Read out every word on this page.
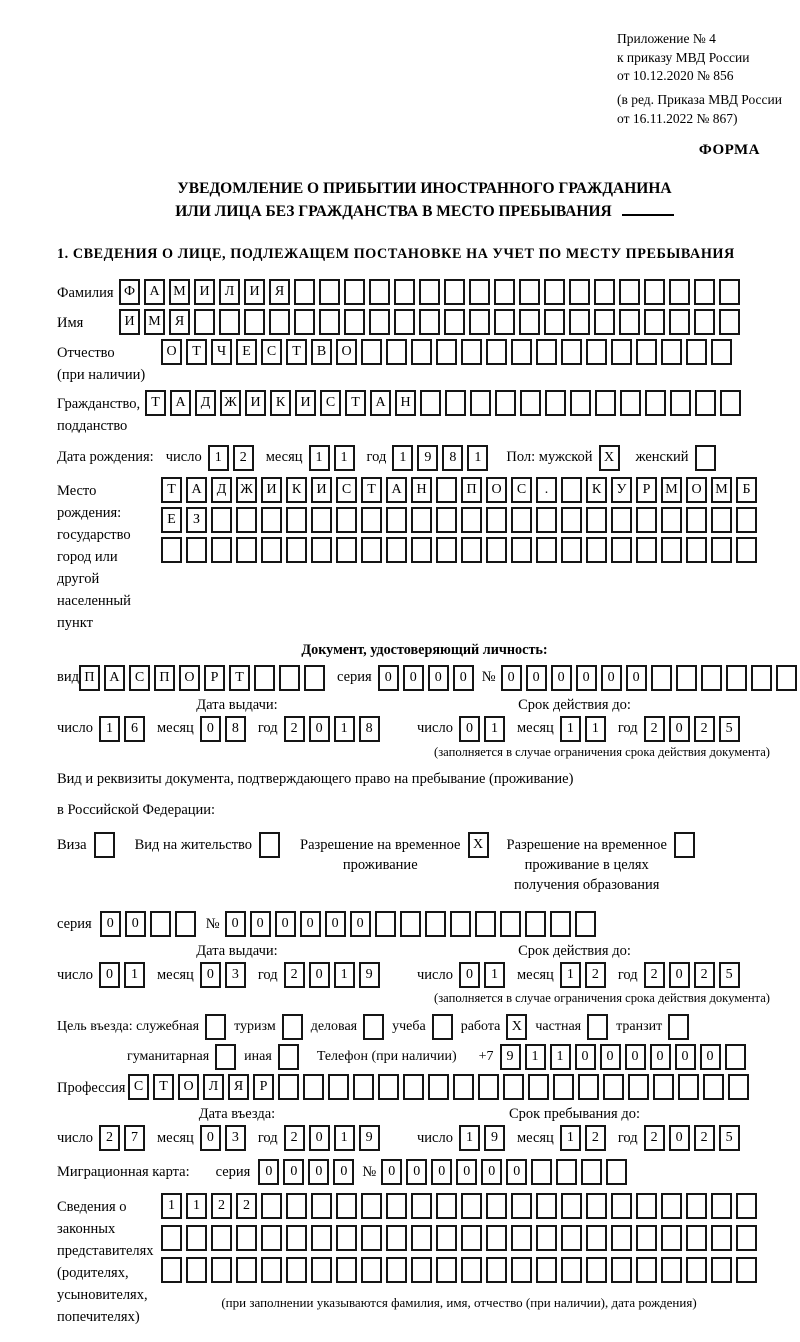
Приложение № 4
к приказу МВД России
от 10.12.2020 № 856
(в ред. Приказа МВД России
от 16.11.2022 № 867)
ФОРМА
УВЕДОМЛЕНИЕ О ПРИБЫТИИ ИНОСТРАННОГО ГРАЖДАНИНА
ИЛИ ЛИЦА БЕЗ ГРАЖДАНСТВА В МЕСТО ПРЕБЫВАНИЯ
1. СВЕДЕНИЯ О ЛИЦЕ, ПОДЛЕЖАЩЕМ ПОСТАНОВКЕ НА УЧЕТ ПО МЕСТУ ПРЕБЫВАНИЯ
Фамилия Ф	А М И	Л	И	Я
Имя	И М	Я
Отчество
(при наличии)
О	Т	Ч	Е	С	Т	В	О
Гражданство,
подданство
Т	А	Д Ж И	К	И	С	Т	А	Н
Дата рождения: число 1	2	месяц 1	1	год 1	9	8	1	Пол: мужской X	женский
Место рождения:
государство
город или другой
населенный пункт
Т	А	Д Ж И	К	И	С	Т	А	Н	П	О	С	.	К	У	Р	М О М	Б
Е	З
Документ, удостоверяющий личность:
вид П	А	С	П	О	Р	Т	серия 0	0	0	0	№ 0	0	0	0	0	0
Дата выдачи:	Срок действия до:
число 1	6	месяц 0	8	год 2	0	1	8	число 0	1	месяц 1	1	год 2	0	2	5
(заполняется в случае ограничения срока действия документа)
Вид и реквизиты документа, подтверждающего право на пребывание (проживание)
в Российской Федерации:
Виза	Вид на жительство	Разрешение на временное
проживание
X	Разрешение на временное
проживание в целях
получения образования
серия	0	0	№ 0	0	0	0	0	0
Дата выдачи:	Срок действия до:
число 0	1	месяц 0	3	год 2	0	1	9	число 0	1	месяц 1	2	год 2	0	2	5
(заполняется в случае ограничения срока действия документа)
Цель въезда: служебная	туризм	деловая	учеба	работа X частная	транзит
гуманитарная	иная	Телефон (при наличии) +7 9	1	1	0	0	0	0	0	0
Профессия С	Т	О	Л	Я	Р
Дата въезда:	Срок пребывания до:
число 2	7	месяц 0	3	год 2	0	1	9	число 1	9	месяц 1	2	год 2	0	2	5
Миграционная карта: серия	0	0	0	0	№ 0	0	0	0	0	0
Сведения о
законных
представителях
(родителях,
усыновителях,
попечителях)
1	1	2	2
(при заполнении указываются фамилия, имя, отчество (при наличии), дата рождения)
